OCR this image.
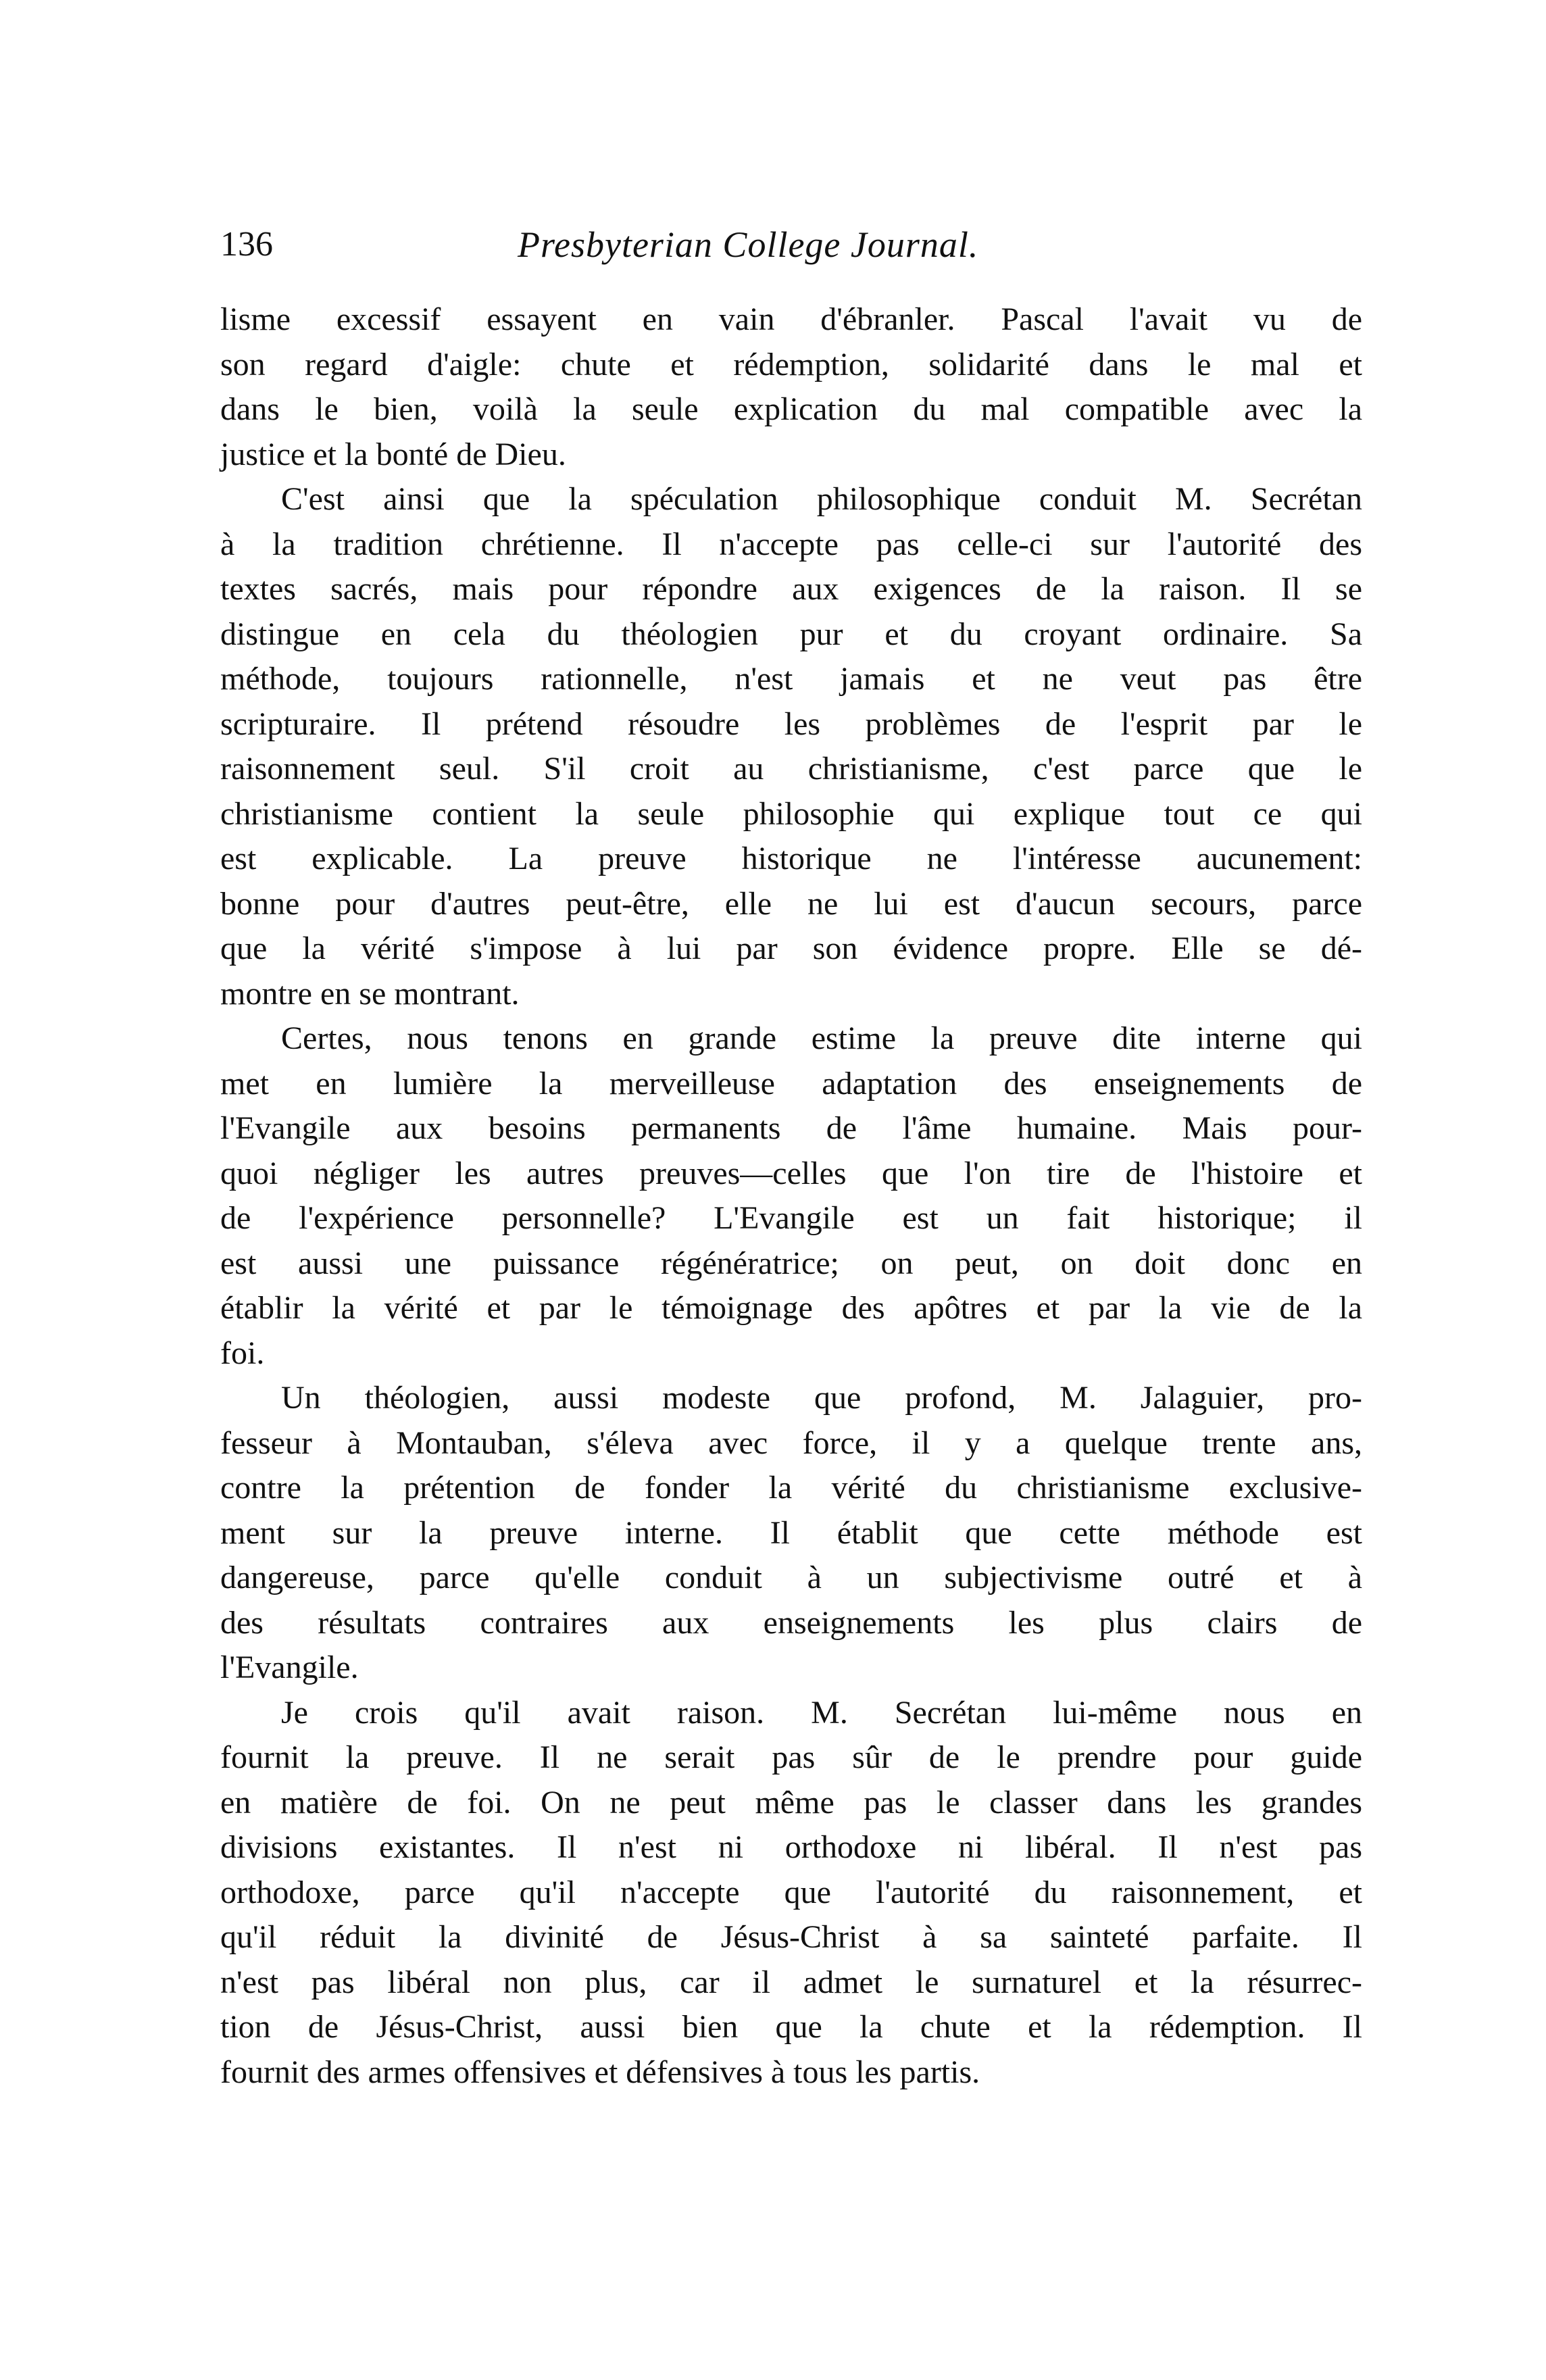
136	Presbyterian College Journal.
lisme excessif essayent en vain d'ébranler. Pascal l'avait vu de
son regard d'aigle: chute et rédemption, solidarité dans le mal et
dans le bien, voilà la seule explication du mal compatible avec la
justice et la bonté de Dieu.
C'est ainsi que la spéculation philosophique conduit M. Secrétan
à la tradition chrétienne. Il n'accepte pas celle-ci sur l'autorité des
textes sacrés, mais pour répondre aux exigences de la raison. Il se
distingue en cela du théologien pur et du croyant ordinaire. Sa
méthode, toujours rationnelle, n'est jamais et ne veut pas être
scripturaire. Il prétend résoudre les problèmes de l'esprit par le
raisonnement seul. S'il croit au christianisme, c'est parce que le
christianisme contient la seule philosophie qui explique tout ce qui
est explicable. La preuve historique ne l'intéresse aucunement:
bonne pour d'autres peut-être, elle ne lui est d'aucun secours, parce
que la vérité s'impose à lui par son évidence propre. Elle se dé-
montre en se montrant.
Certes, nous tenons en grande estime la preuve dite interne qui
met en lumière la merveilleuse adaptation des enseignements de
l'Evangile aux besoins permanents de l'âme humaine. Mais pour-
quoi négliger les autres preuves—celles que l'on tire de l'histoire et
de l'expérience personnelle? L'Evangile est un fait historique; il
est aussi une puissance régénératrice; on peut, on doit donc en
établir la vérité et par le témoignage des apôtres et par la vie de la
foi.
Un théologien, aussi modeste que profond, M. Jalaguier, pro-
fesseur à Montauban, s'éleva avec force, il y a quelque trente ans,
contre la prétention de fonder la vérité du christianisme exclusive-
ment sur la preuve interne. Il établit que cette méthode est
dangereuse, parce qu'elle conduit à un subjectivisme outré et à
des résultats contraires aux enseignements les plus clairs de
l'Evangile.
Je crois qu'il avait raison. M. Secrétan lui-même nous en
fournit la preuve. Il ne serait pas sûr de le prendre pour guide
en matière de foi. On ne peut même pas le classer dans les grandes
divisions existantes. Il n'est ni orthodoxe ni libéral. Il n'est pas
orthodoxe, parce qu'il n'accepte que l'autorité du raisonnement, et
qu'il réduit la divinité de Jésus-Christ à sa sainteté parfaite. Il
n'est pas libéral non plus, car il admet le surnaturel et la résurrec-
tion de Jésus-Christ, aussi bien que la chute et la rédemption. Il
fournit des armes offensives et défensives à tous les partis.
